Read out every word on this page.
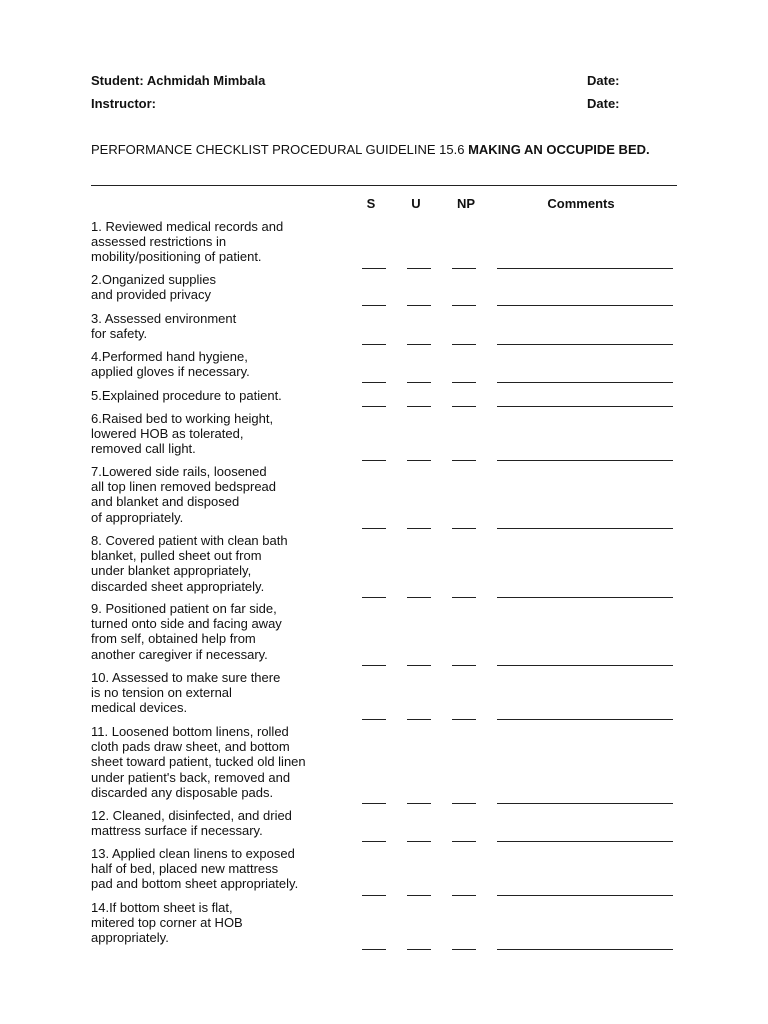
Student: Achmidah Mimbala	Date:
Instructor:	Date:
PERFORMANCE CHECKLIST PROCEDURAL GUIDELINE 15.6 MAKING AN OCCUPIDE BED.
S	U	NP	Comments
1. Reviewed medical records and
assessed restrictions in
mobility/positioning of patient.
2.Onganized supplies
and provided privacy
3. Assessed environment
for safety.
4.Performed hand hygiene,
applied gloves if necessary.
5.Explained procedure to patient.
6.Raised bed to working height,
lowered HOB as tolerated,
removed call light.
7.Lowered side rails, loosened
all top linen removed bedspread
and blanket and disposed
of appropriately.
8. Covered patient with clean bath
blanket, pulled sheet out from
under blanket appropriately,
discarded sheet appropriately.
9. Positioned patient on far side,
turned onto side and facing away
from self, obtained help from
another caregiver if necessary.
10. Assessed to make sure there
is no tension on external
medical devices.
11. Loosened bottom linens, rolled
cloth pads draw sheet, and bottom
sheet toward patient, tucked old linen
under patient's back, removed and
discarded any disposable pads.
12. Cleaned, disinfected, and dried
mattress surface if necessary.
13. Applied clean linens to exposed
half of bed, placed new mattress
pad and bottom sheet appropriately.
14.If bottom sheet is flat,
mitered top corner at HOB
appropriately.
